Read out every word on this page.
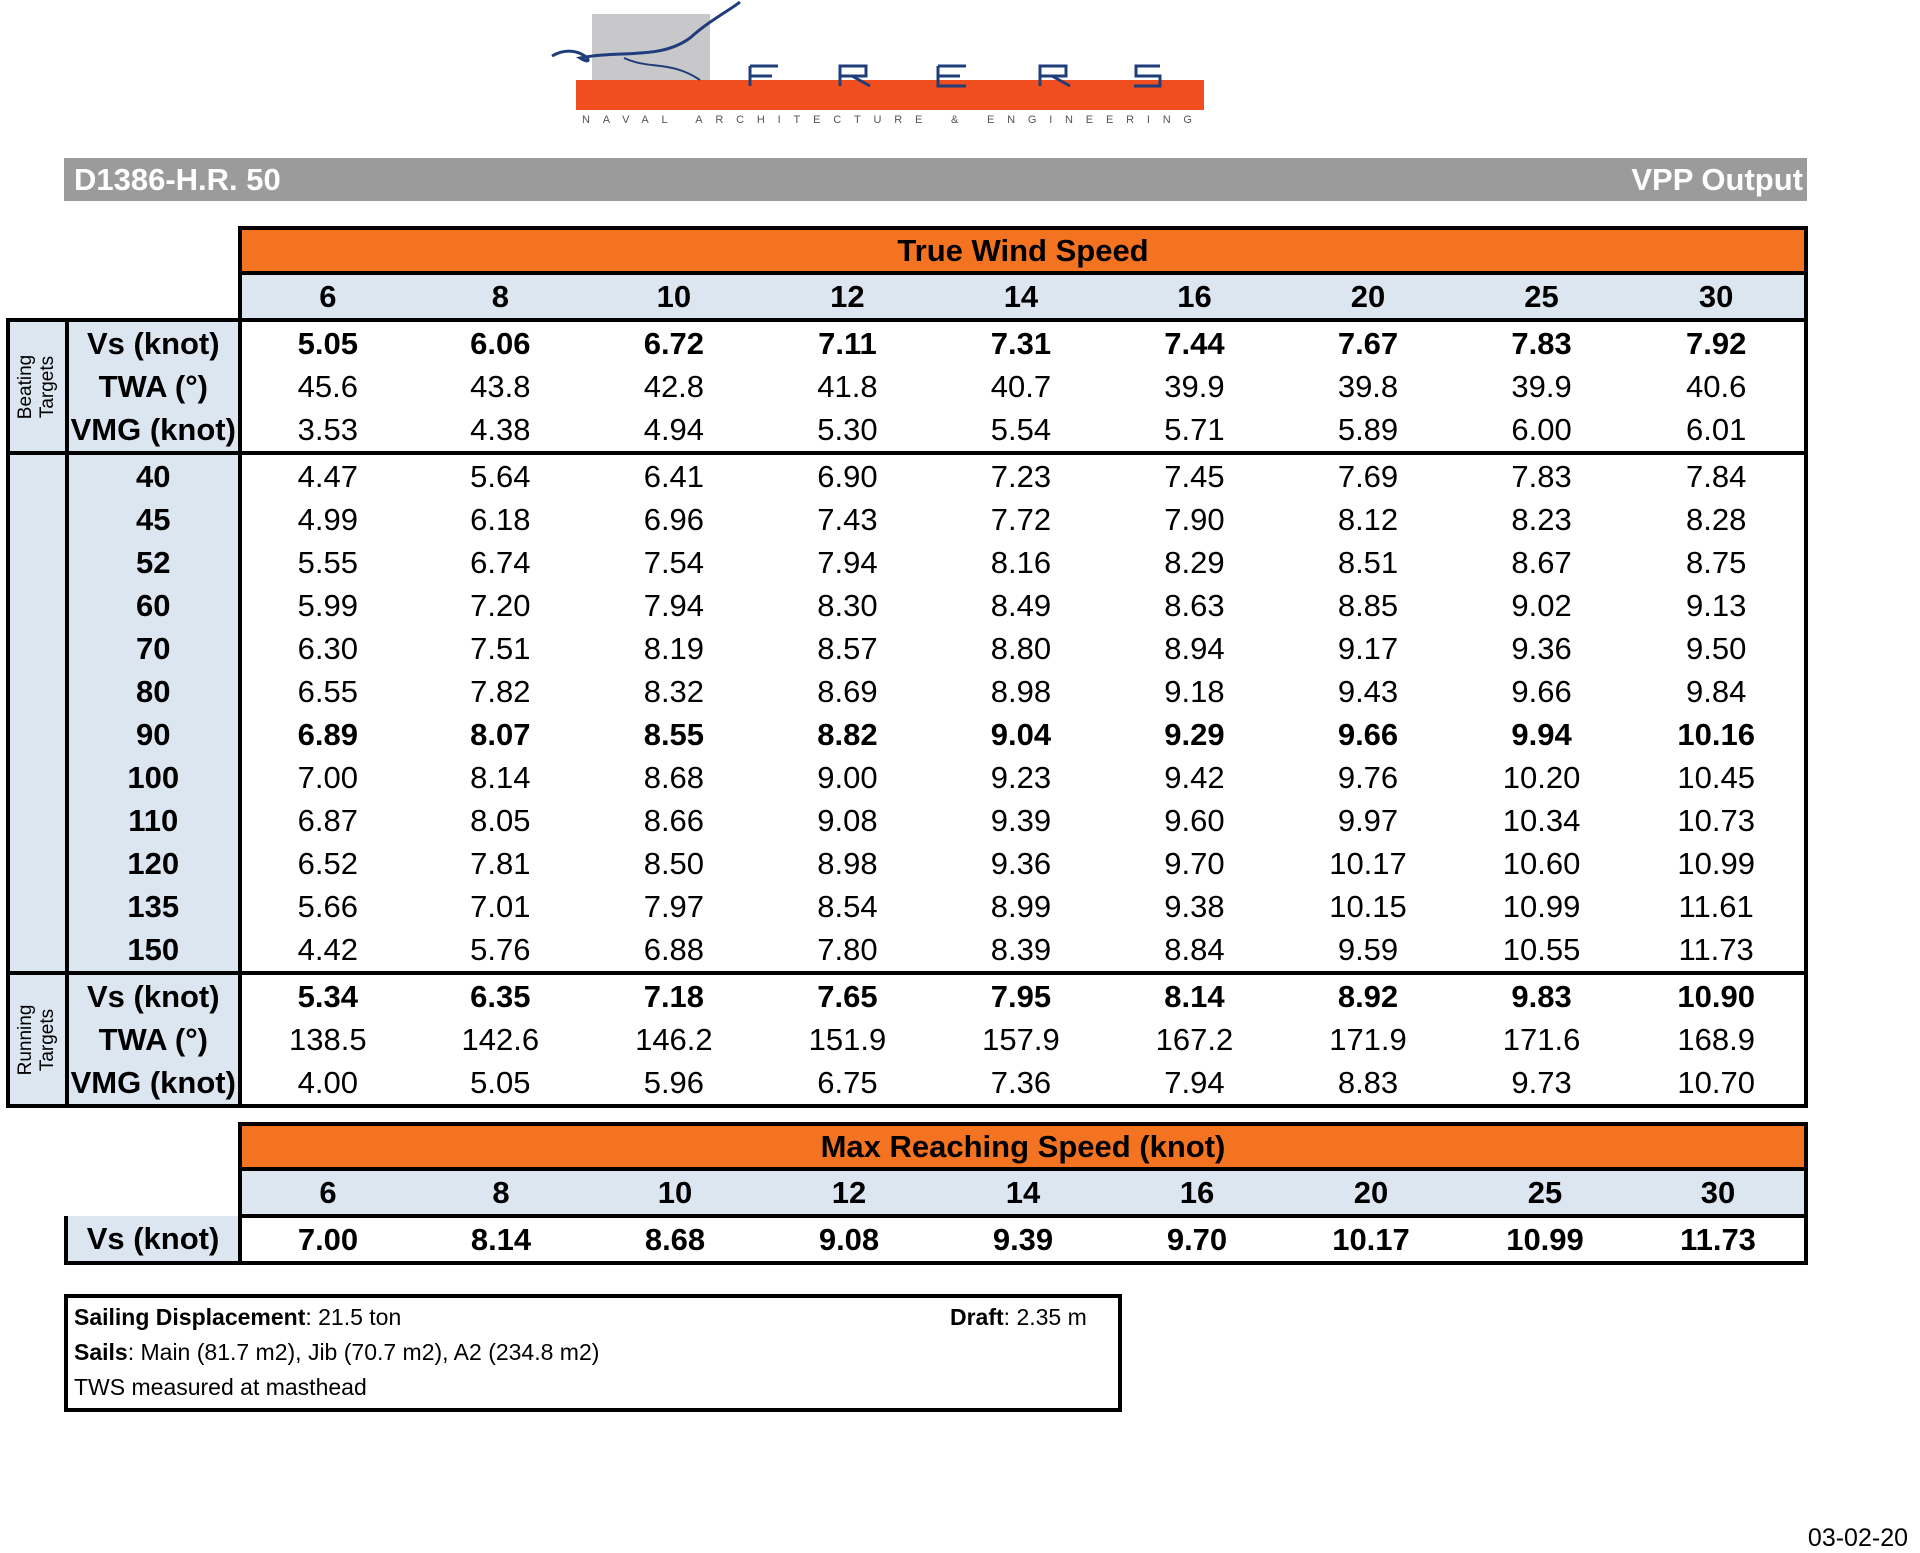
NAVAL ARCHITECTURE & ENGINEERING
D1386-H.R. 50	VPP Output
		True Wind Speed								
		6	8	10	12	14	16	20	25	30

Beating Targets	Vs (knot)	5.05	6.06	6.72	7.11	7.31	7.44	7.67	7.83	7.92
	TWA (°)	45.6	43.8	42.8	41.8	40.7	39.9	39.8	39.9	40.6
	VMG (knot)	3.53	4.38	4.94	5.30	5.54	5.71	5.89	6.00	6.01
	40	4.47	5.64	6.41	6.90	7.23	7.45	7.69	7.83	7.84
	45	4.99	6.18	6.96	7.43	7.72	7.90	8.12	8.23	8.28
	52	5.55	6.74	7.54	7.94	8.16	8.29	8.51	8.67	8.75
	60	5.99	7.20	7.94	8.30	8.49	8.63	8.85	9.02	9.13
	70	6.30	7.51	8.19	8.57	8.80	8.94	9.17	9.36	9.50
	80	6.55	7.82	8.32	8.69	8.98	9.18	9.43	9.66	9.84
	90	6.89	8.07	8.55	8.82	9.04	9.29	9.66	9.94	10.16
	100	7.00	8.14	8.68	9.00	9.23	9.42	9.76	10.20	10.45
	110	6.87	8.05	8.66	9.08	9.39	9.60	9.97	10.34	10.73
	120	6.52	7.81	8.50	8.98	9.36	9.70	10.17	10.60	10.99
	135	5.66	7.01	7.97	8.54	8.99	9.38	10.15	10.99	11.61
	150	4.42	5.76	6.88	7.80	8.39	8.84	9.59	10.55	11.73

Running Targets	Vs (knot)	5.34	6.35	7.18	7.65	7.95	8.14	8.92	9.83	10.90
	TWA (°)	138.5	142.6	146.2	151.9	157.9	167.2	171.9	171.6	168.9
	VMG (knot)	4.00	5.05	5.96	6.75	7.36	7.94	8.83	9.73	10.70
	Max Reaching Speed (knot)								
	6	8	10	12	14	16	20	25	30
Vs (knot)	7.00	8.14	8.68	9.08	9.39	9.70	10.17	10.99	11.73
Sailing Displacement: 21.5 ton	Draft: 2.35 m
Sails: Main (81.7 m2), Jib (70.7 m2), A2 (234.8 m2)
TWS measured at masthead
03-02-20
